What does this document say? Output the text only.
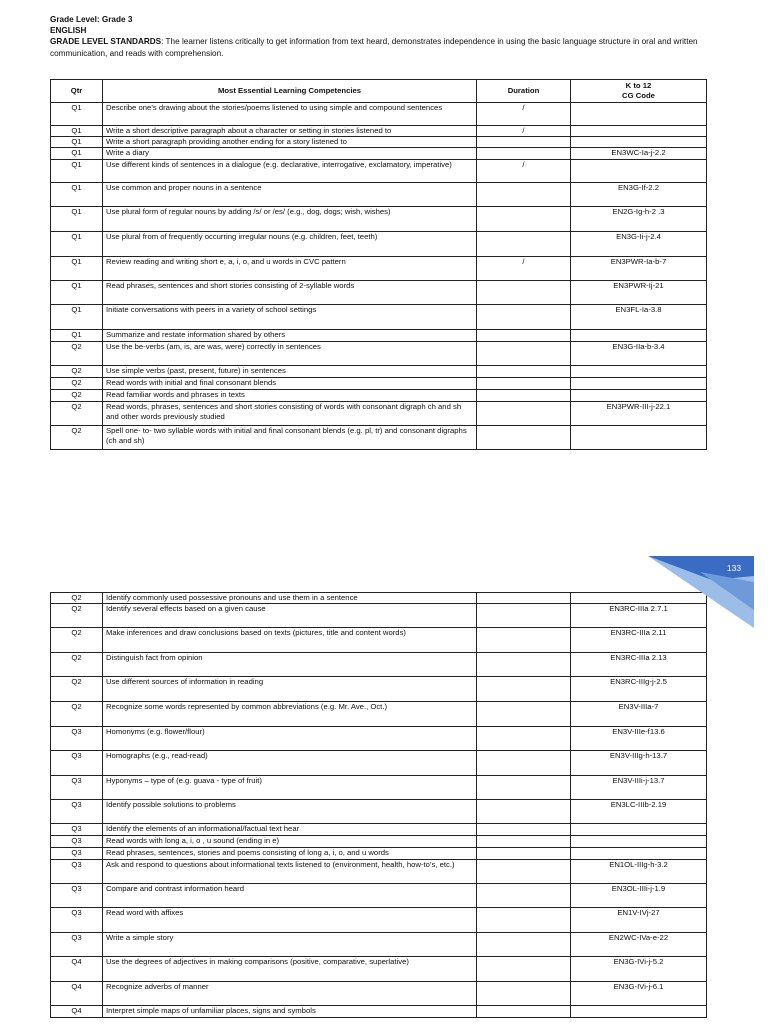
Grade Level: Grade 3
ENGLISH
GRADE LEVEL STANDARDS: The learner listens critically to get information from text heard, demonstrates independence in using the basic language structure in oral and written communication, and reads with comprehension.
Qtr	Most Essential Learning Competencies	Duration	K to 12
CG Code

Q1	Describe one’s drawing about the stories/poems listened to using simple and compound sentences	/	
Q1	Write a short descriptive paragraph about a character or setting in stories listened to	/	
Q1	Write a short paragraph providing another ending for a story listened to		
Q1	Write a diary		EN3WC-Ia-j-2.2
Q1	Use different kinds of sentences in a dialogue (e.g. declarative, interrogative, exclamatory, imperative)	/	
Q1	Use common and proper nouns in a sentence		EN3G-If-2.2
Q1	Use plural form of regular nouns by adding /s/ or /es/ (e.g., dog, dogs; wish, wishes)		EN2G-Ig-h-2 .3
Q1	Use plural from of frequently occurring irregular nouns (e.g. children, feet, teeth)		EN3G-Ii-j-2.4
Q1	Review reading and writing short e, a, i, o, and u words in CVC pattern	/	EN3PWR-Ia-b-7
Q1	Read phrases, sentences and short stories consisting of 2-syllable words		EN3PWR-Ij-21
Q1	Initiate conversations with peers in a variety of school settings		EN3FL-Ia-3.8
Q1	Summarize and restate information shared by others		
Q2	Use the be-verbs (am, is, are was, were) correctly in sentences		EN3G-IIa-b-3.4
Q2	Use simple verbs (past, present, future) in sentences		
Q2	Read words with initial and final consonant blends		
Q2	Read familiar words and phrases in texts		
Q2	Read words, phrases, sentences and short stories consisting of words with consonant digraph ch and sh and other words previously studied		EN3PWR-III-j-22.1
Q2	Spell one- to- two syllable words with initial and final consonant blends (e.g. pl, tr) and consonant digraphs (ch and sh)		
Q2	Identify commonly used possessive pronouns and use them in a sentence		
Q2	Identify several effects based on a given cause		EN3RC-IIIa 2.7.1
Q2	Make inferences and draw conclusions based on texts (pictures, title and content words)		EN3RC-IIIa 2.11
Q2	Distinguish fact from opinion		EN3RC-IIIa 2.13
Q2	Use different sources of information in reading		EN3RC-IIIg-j-2.5
Q2	Recognize some words represented by common abbreviations (e.g. Mr. Ave., Oct.)		EN3V-IIIa-7
Q3	Homonyms (e.g. flower/flour)		EN3V-IIIe-f13.6
Q3	Homographs (e.g., read-read)		EN3V-IIIg-h-13.7
Q3	Hyponyms – type of (e.g. guava - type of fruit)		EN3V-IIIi-j-13.7
Q3	Identify possible solutions to problems		EN3LC-IIIb-2.19
Q3	Identify the elements of an informational/factual text hear		
Q3	Read words with long a, i, o , u sound (ending in e)		
Q3	Read phrases, sentences, stories and poems consisting of long a, i, o, and u words		
Q3	Ask and respond to questions about informational texts listened to (environment, health, how-to’s, etc.)		EN1OL-IIIg-h-3.2
Q3	Compare and contrast information heard		EN3OL-IIIi-j-1.9
Q3	Read word with affixes		EN1V-IVj-27
Q3	Write a simple story		EN2WC-IVa-e-22
Q4	Use the degrees of adjectives in making comparisons (positive, comparative, superlative)		EN3G-IVi-j-5.2
Q4	Recognize adverbs of manner		EN3G-IVi-j-6.1
Q4	Interpret simple maps of unfamiliar places, signs and symbols		
133
